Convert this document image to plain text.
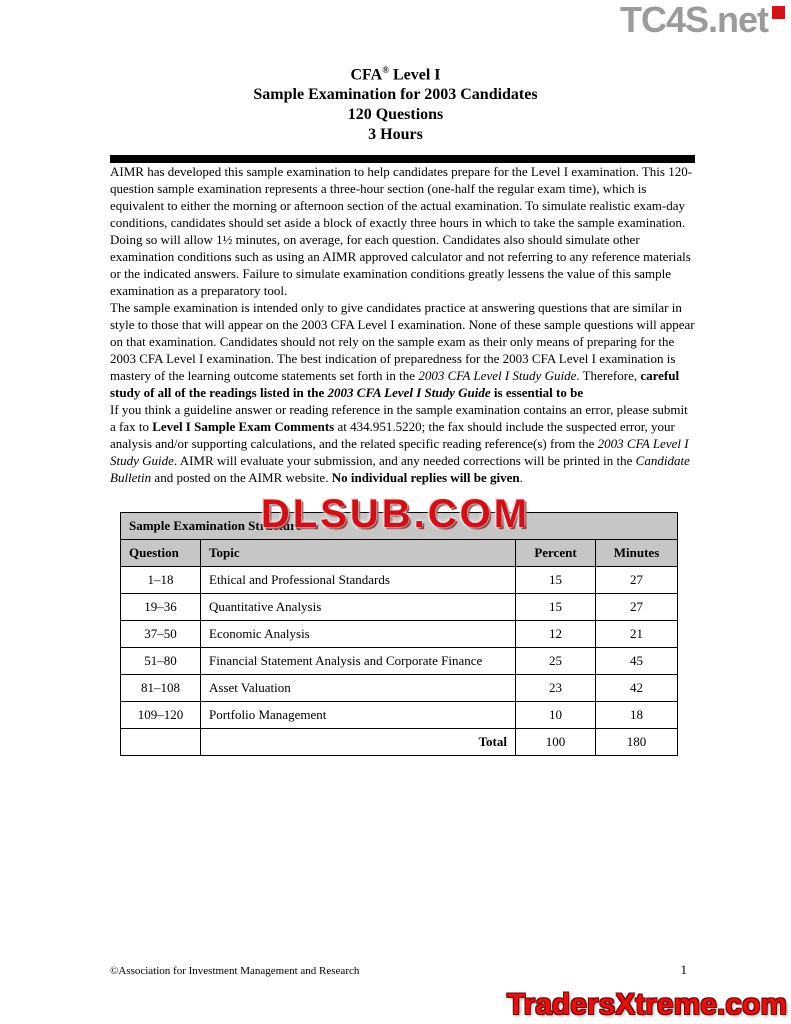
TC4S.net
CFA® Level I
Sample Examination for 2003 Candidates
120 Questions
3 Hours

AIMR has developed this sample examination to help candidates prepare for the Level I examination. This 120-question sample examination represents a three-hour section (one-half the regular exam time), which is equivalent to either the morning or afternoon section of the actual examination. To simulate realistic exam-day conditions, candidates should set aside a block of exactly three hours in which to take the sample examination. Doing so will allow 1½ minutes, on average, for each question. Candidates also should simulate other examination conditions such as using an AIMR approved calculator and not referring to any reference materials or the indicated answers. Failure to simulate examination conditions greatly lessens the value of this sample examination as a preparatory tool.

The sample examination is intended only to give candidates practice at answering questions that are similar in style to those that will appear on the 2003 CFA Level I examination. None of these sample questions will appear on that examination. Candidates should not rely on the sample exam as their only means of preparing for the 2003 CFA Level I examination. The best indication of preparedness for the 2003 CFA Level I examination is mastery of the learning outcome statements set forth in the 2003 CFA Level I Study Guide. Therefore, careful study of all of the readings listed in the 2003 CFA Level I Study Guide is essential to be

If you think a guideline answer or reading reference in the sample examination contains an error, please submit a fax to Level I Sample Exam Comments at 434.951.5220; the fax should include the suspected error, your analysis and/or supporting calculations, and the related specific reading reference(s) from the 2003 CFA Level I Study Guide. AIMR will evaluate your submission, and any needed corrections will be printed in the Candidate Bulletin and posted on the AIMR website. No individual replies will be given.

Sample Examination Structure			
Question	Topic	Percent	Minutes
1–18	Ethical and Professional Standards	15	27
19–36	Quantitative Analysis	15	27
37–50	Economic Analysis	12	21
51–80	Financial Statement Analysis and Corporate Finance	25	45
81–108	Asset Valuation	23	42
109–120	Portfolio Management	10	18
	Total	100	180
©Association for Investment Management and Research	1
DLSUB.COM
TradersXtreme.com
